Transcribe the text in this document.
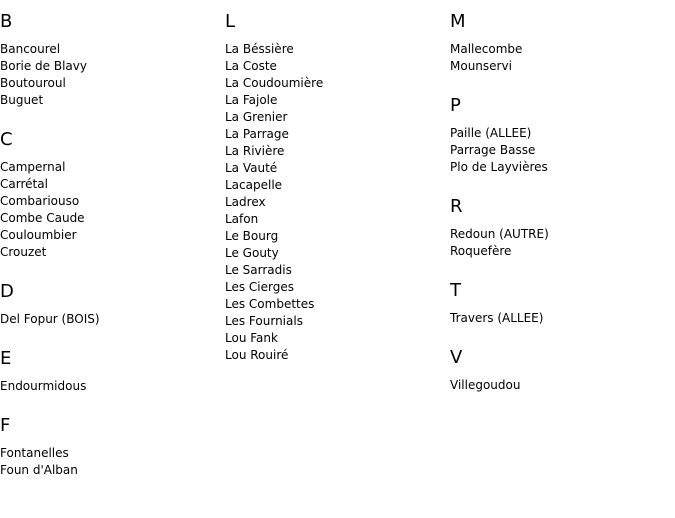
B
Bancourel
Borie de Blavy
Boutouroul
Buguet
C
Campernal
Carrétal
Combariouso
Combe Caude
Couloumbier
Crouzet
D
Del Fopur (BOIS)
E
Endourmidous
F
Fontanelles
Foun d'Alban
L
La Béssière
La Coste
La Coudoumière
La Fajole
La Grenier
La Parrage
La Rivière
La Vauté
Lacapelle
Ladrex
Lafon
Le Bourg
Le Gouty
Le Sarradis
Les Cierges
Les Combettes
Les Fournials
Lou Fank
Lou Rouiré
M
Mallecombe
Mounservi
P
Paille (ALLEE)
Parrage Basse
Plo de Layvières
R
Redoun (AUTRE)
Roquefère
T
Travers (ALLEE)
V
Villegoudou
